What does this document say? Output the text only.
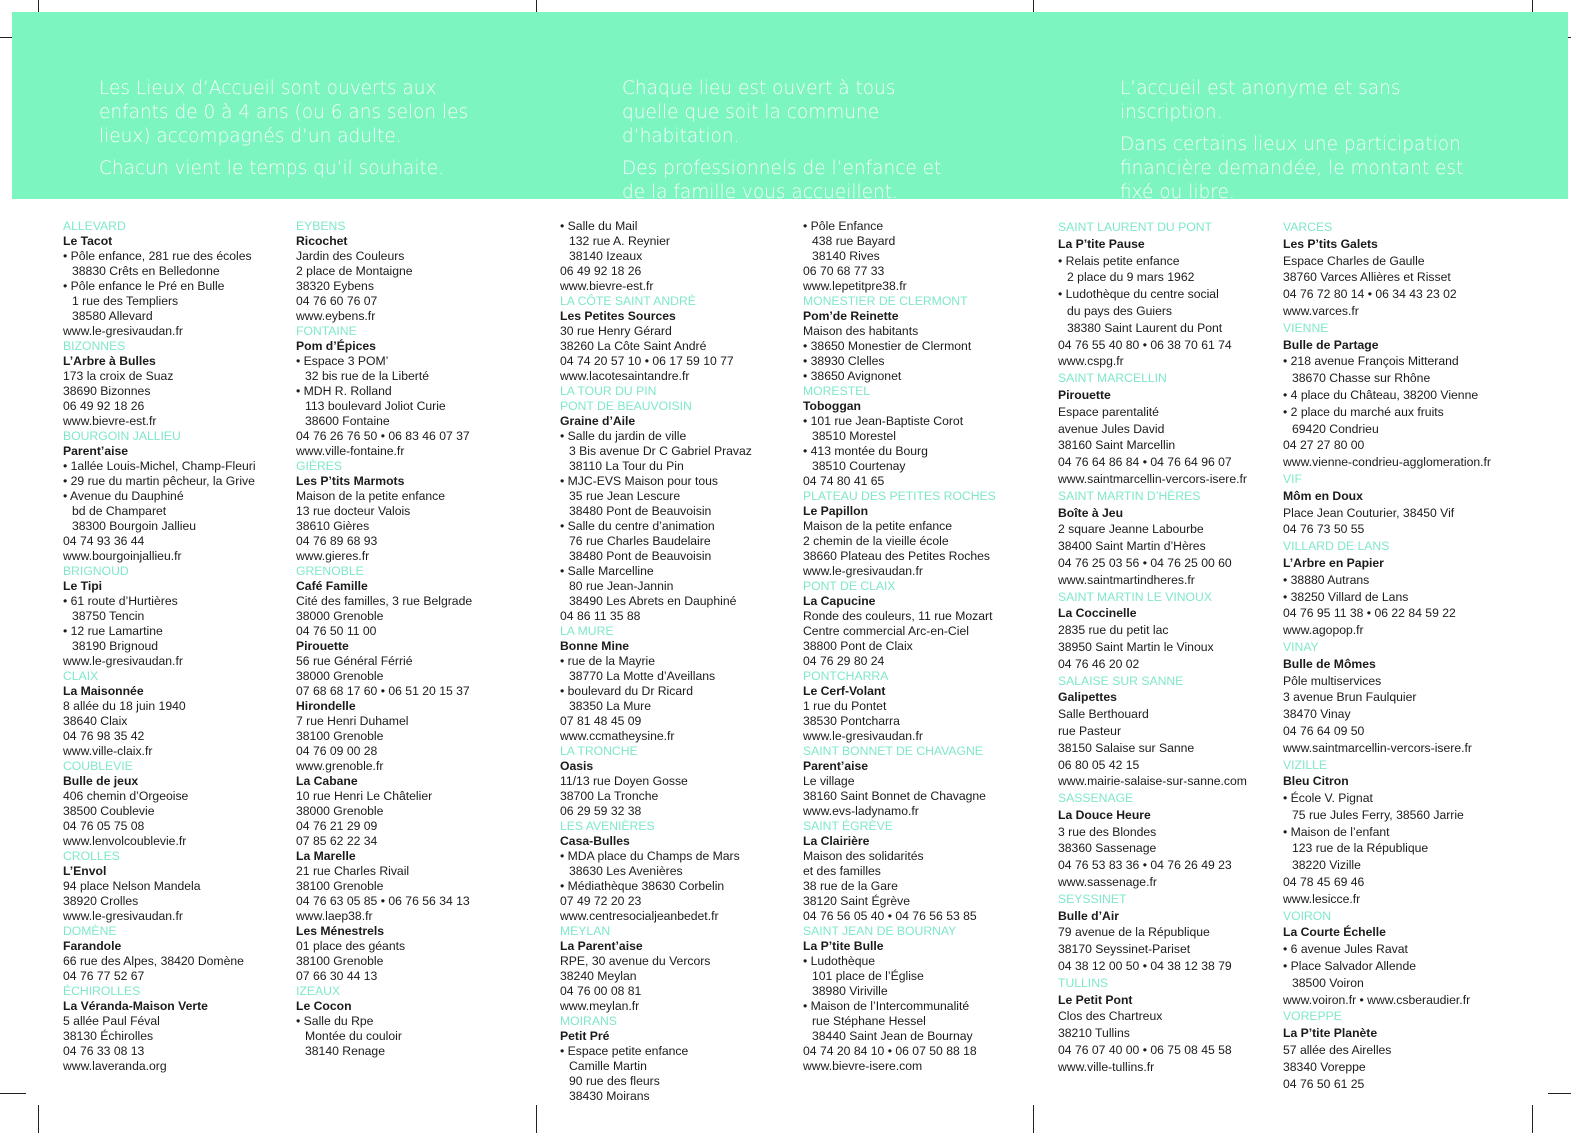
Les Lieux d’Accueil sont ouverts aux enfants de 0 à 4 ans (ou 6 ans selon les lieux) accompagnés d’un adulte.

Chacun vient le temps qu’il souhaite.

Chaque lieu est ouvert à tous quelle que soit la commune d’habitation.

Des professionnels de l’enfance et de la famille vous accueillent.

L’accueil est anonyme et sans inscription.

Dans certains lieux une participation financière demandée, le montant est fixé ou libre.

ALLEVARD
Le Tacot
• Pôle enfance, 281 rue des écoles
38830 Crêts en Belledonne
• Pôle enfance le Pré en Bulle
1 rue des Templiers
38580 Allevard
www.le-gresivaudan.fr
BIZONNES
L’Arbre à Bulles
173 la croix de Suaz
38690 Bizonnes
06 49 92 18 26
www.bievre-est.fr
BOURGOIN JALLIEU
Parent’aise
• 1allée Louis-Michel, Champ-Fleuri
• 29 rue du martin pêcheur, la Grive
• Avenue du Dauphiné
bd de Champaret
38300 Bourgoin Jallieu
04 74 93 36 44
www.bourgoinjallieu.fr
BRIGNOUD
Le Tipi
• 61 route d’Hurtières
38750 Tencin
• 12 rue Lamartine
38190 Brignoud
www.le-gresivaudan.fr
CLAIX
La Maisonnée
8 allée du 18 juin 1940
38640 Claix
04 76 98 35 42
www.ville-claix.fr
COUBLEVIE
Bulle de jeux
406 chemin d’Orgeoise
38500 Coublevie
04 76 05 75 08
www.lenvolcoublevie.fr
CROLLES
L’Envol
94 place Nelson Mandela
38920 Crolles
www.le-gresivaudan.fr
DOMÈNE
Farandole
66 rue des Alpes, 38420 Domène
04 76 77 52 67
ÉCHIROLLES
La Véranda-Maison Verte
5 allée Paul Féval
38130 Échirolles
04 76 33 08 13
www.laveranda.org
EYBENS
Ricochet
Jardin des Couleurs
2 place de Montaigne
38320 Eybens
04 76 60 76 07
www.eybens.fr
FONTAINE
Pom d’Épices
• Espace 3 POM’
32 bis rue de la Liberté
• MDH R. Rolland
113 boulevard Joliot Curie
38600 Fontaine
04 76 26 76 50 • 06 83 46 07 37
www.ville-fontaine.fr
GIÈRES
Les P’tits Marmots
Maison de la petite enfance
13 rue docteur Valois
38610 Gières
04 76 89 68 93
www.gieres.fr
GRENOBLE
Café Famille
Cité des familles, 3 rue Belgrade
38000 Grenoble
04 76 50 11 00
Pirouette
56 rue Général Férrié
38000 Grenoble
07 68 68 17 60 • 06 51 20 15 37
Hirondelle
7 rue Henri Duhamel
38100 Grenoble
04 76 09 00 28
www.grenoble.fr
La Cabane
10 rue Henri Le Châtelier
38000 Grenoble
04 76 21 29 09
07 85 62 22 34
La Marelle
21 rue Charles Rivail
38100 Grenoble
04 76 63 05 85 • 06 76 56 34 13
www.laep38.fr
Les Ménestrels
01 place des géants
38100 Grenoble
07 66 30 44 13
IZEAUX
Le Cocon
• Salle du Rpe
Montée du couloir
38140 Renage
• Salle du Mail
132 rue A. Reynier
38140 Izeaux
06 49 92 18 26
www.bievre-est.fr
LA CÔTE SAINT ANDRÉ
Les Petites Sources
30 rue Henry Gérard
38260 La Côte Saint André
04 74 20 57 10 • 06 17 59 10 77
www.lacotesaintandre.fr
LA TOUR DU PIN
PONT DE BEAUVOISIN
Graine d’Aile
• Salle du jardin de ville
3 Bis avenue Dr C Gabriel Pravaz
38110 La Tour du Pin
• MJC-EVS Maison pour tous
35 rue Jean Lescure
38480 Pont de Beauvoisin
• Salle du centre d’animation
76 rue Charles Baudelaire
38480 Pont de Beauvoisin
• Salle Marcelline
80 rue Jean-Jannin
38490 Les Abrets en Dauphiné
04 86 11 35 88
LA MURE
Bonne Mine
• rue de la Mayrie
38770 La Motte d’Aveillans
• boulevard du Dr Ricard
38350 La Mure
07 81 48 45 09
www.ccmatheysine.fr
LA TRONCHE
Oasis
11/13 rue Doyen Gosse
38700 La Tronche
06 29 59 32 38
LES AVENIÈRES
Casa-Bulles
• MDA place du Champs de Mars
38630 Les Avenières
• Médiathèque 38630 Corbelin
07 49 72 20 23
www.centresocialjeanbedet.fr
MEYLAN
La Parent’aise
RPE, 30 avenue du Vercors
38240 Meylan
04 76 00 08 81
www.meylan.fr
MOIRANS
Petit Pré
• Espace petite enfance
Camille Martin
90 rue des fleurs
38430 Moirans
• Pôle Enfance
438 rue Bayard
38140 Rives
06 70 68 77 33
www.lepetitpre38.fr
MONESTIER DE CLERMONT
Pom’de Reinette
Maison des habitants
• 38650 Monestier de Clermont
• 38930 Clelles
• 38650 Avignonet
MORESTEL
Toboggan
• 101 rue Jean-Baptiste Corot
38510 Morestel
• 413 montée du Bourg
38510 Courtenay
04 74 80 41 65
PLATEAU DES PETITES ROCHES
Le Papillon
Maison de la petite enfance
2 chemin de la vieille école
38660 Plateau des Petites Roches
www.le-gresivaudan.fr
PONT DE CLAIX
La Capucine
Ronde des couleurs, 11 rue Mozart
Centre commercial Arc-en-Ciel
38800 Pont de Claix
04 76 29 80 24
PONTCHARRA
Le Cerf-Volant
1 rue du Pontet
38530 Pontcharra
www.le-gresivaudan.fr
SAINT BONNET DE CHAVAGNE
Parent’aise
Le village
38160 Saint Bonnet de Chavagne
www.evs-ladynamo.fr
SAINT ÉGRÈVE
La Clairière
Maison des solidarités
et des familles
38 rue de la Gare
38120 Saint Égrève
04 76 56 05 40 • 04 76 56 53 85
SAINT JEAN DE BOURNAY
La P’tite Bulle
• Ludothèque
101 place de l’Église
38980 Viriville
• Maison de l’Intercommunalité
rue Stéphane Hessel
38440 Saint Jean de Bournay
04 74 20 84 10 • 06 07 50 88 18
www.bievre-isere.com
SAINT LAURENT DU PONT
La P’tite Pause
• Relais petite enfance
2 place du 9 mars 1962
• Ludothèque du centre social
du pays des Guiers
38380 Saint Laurent du Pont
04 76 55 40 80 • 06 38 70 61 74
www.cspg.fr
SAINT MARCELLIN
Pirouette
Espace parentalité
avenue Jules David
38160 Saint Marcellin
04 76 64 86 84 • 04 76 64 96 07
www.saintmarcellin-vercors-isere.fr
SAINT MARTIN D’HÈRES
Boîte à Jeu
2 square Jeanne Labourbe
38400 Saint Martin d’Hères
04 76 25 03 56 • 04 76 25 00 60
www.saintmartindheres.fr
SAINT MARTIN LE VINOUX
La Coccinelle
2835 rue du petit lac
38950 Saint Martin le Vinoux
04 76 46 20 02
SALAISE SUR SANNE
Galipettes
Salle Berthouard
rue Pasteur
38150 Salaise sur Sanne
06 80 05 42 15
www.mairie-salaise-sur-sanne.com
SASSENAGE
La Douce Heure
3 rue des Blondes
38360 Sassenage
04 76 53 83 36 • 04 76 26 49 23
www.sassenage.fr
SEYSSINET
Bulle d’Air
79 avenue de la République
38170 Seyssinet-Pariset
04 38 12 00 50 • 04 38 12 38 79
TULLINS
Le Petit Pont
Clos des Chartreux
38210 Tullins
04 76 07 40 00 • 06 75 08 45 58
www.ville-tullins.fr
VARCES
Les P’tits Galets
Espace Charles de Gaulle
38760 Varces Allières et Risset
04 76 72 80 14 • 06 34 43 23 02
www.varces.fr
VIENNE
Bulle de Partage
• 218 avenue François Mitterand
38670 Chasse sur Rhône
• 4 place du Château, 38200 Vienne
• 2 place du marché aux fruits
69420 Condrieu
04 27 27 80 00
www.vienne-condrieu-agglomeration.fr
VIF
Môm en Doux
Place Jean Couturier, 38450 Vif
04 76 73 50 55
VILLARD DE LANS
L’Arbre en Papier
• 38880 Autrans
• 38250 Villard de Lans
04 76 95 11 38 • 06 22 84 59 22
www.agopop.fr
VINAY
Bulle de Mômes
Pôle multiservices
3 avenue Brun Faulquier
38470 Vinay
04 76 64 09 50
www.saintmarcellin-vercors-isere.fr
VIZILLE
Bleu Citron
• École V. Pignat
75 rue Jules Ferry, 38560 Jarrie
• Maison de l’enfant
123 rue de la République
38220 Vizille
04 78 45 69 46
www.lesicce.fr
VOIRON
La Courte Échelle
• 6 avenue Jules Ravat
• Place Salvador Allende
38500 Voiron
www.voiron.fr • www.csberaudier.fr
VOREPPE
La P’tite Planète
57 allée des Airelles
38340 Voreppe
04 76 50 61 25
